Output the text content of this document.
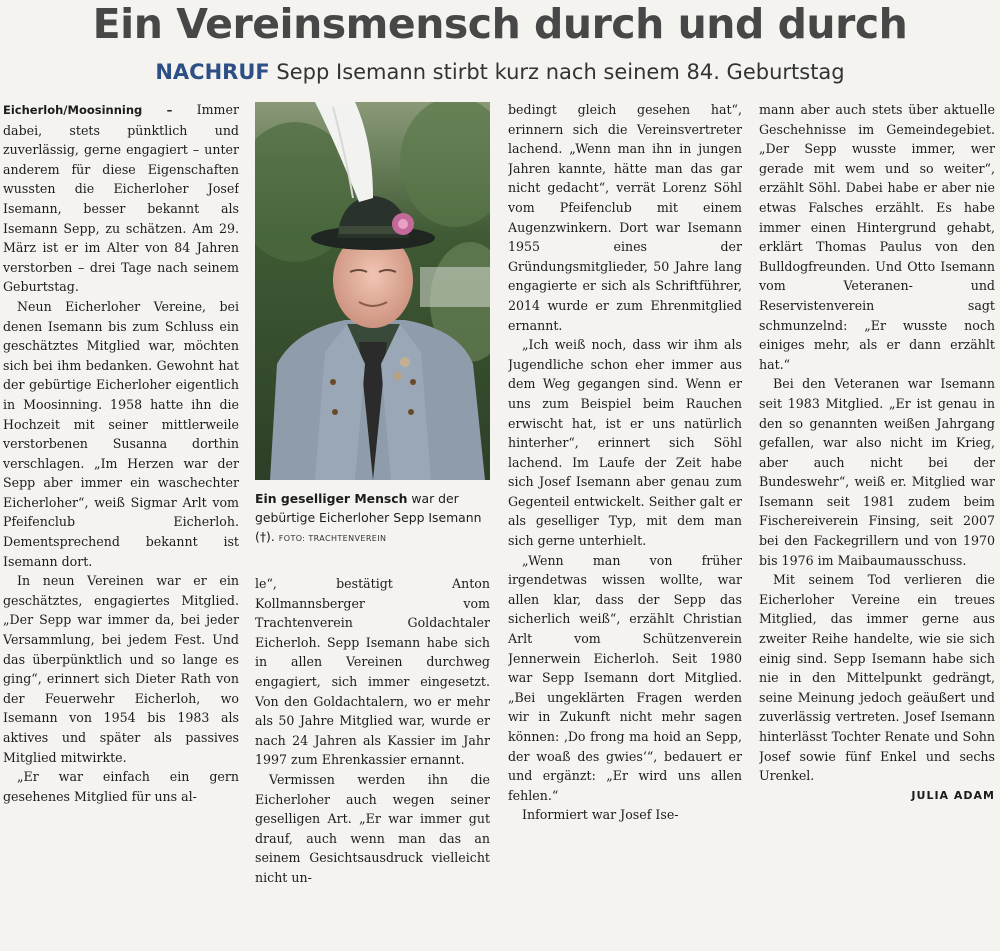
Ein Vereinsmensch durch und durch
NACHRUF Sepp Isemann stirbt kurz nach seinem 84. Geburtstag

Eicherloh/Moosinning – Immer dabei, stets pünktlich und zuverlässig, gerne engagiert – unter anderem für diese Eigenschaften wussten die Eicherloher Josef Isemann, besser bekannt als Isemann Sepp, zu schätzen. Am 29. März ist er im Alter von 84 Jahren verstorben – drei Tage nach seinem Geburtstag.

Neun Eicherloher Vereine, bei denen Isemann bis zum Schluss ein geschätztes Mitglied war, möchten sich bei ihm bedanken. Gewohnt hat der gebürtige Eicherloher eigentlich in Moosinning. 1958 hatte ihn die Hochzeit mit seiner mittlerweile verstorbenen Susanna dorthin verschlagen. „Im Herzen war der Sepp aber immer ein waschechter Eicherloher“, weiß Sigmar Arlt vom Pfeifenclub Eicherloh. Dementsprechend bekannt ist Isemann dort.

In neun Vereinen war er ein geschätztes, engagiertes Mitglied. „Der Sepp war immer da, bei jeder Versammlung, bei jedem Fest. Und das überpünktlich und so lange es ging“, erinnert sich Dieter Rath von der Feuerwehr Eicherloh, wo Isemann von 1954 bis 1983 als aktives und später als passives Mitglied mitwirkte.

„Er war einfach ein gern gesehenes Mitglied für uns al-

Ein geselliger Mensch war der gebürtige Eicherloher Sepp Isemann (†). FOTO: TRACHTENVEREIN

le“, bestätigt Anton Kollmannsberger vom Trachtenverein Goldachtaler Eicherloh. Sepp Isemann habe sich in allen Vereinen durchweg engagiert, sich immer eingesetzt. Von den Goldachtalern, wo er mehr als 50 Jahre Mitglied war, wurde er nach 24 Jahren als Kassier im Jahr 1997 zum Ehrenkassier ernannt.

Vermissen werden ihn die Eicherloher auch wegen seiner geselligen Art. „Er war immer gut drauf, auch wenn man das an seinem Gesichtsausdruck vielleicht nicht un-

bedingt gleich gesehen hat“, erinnern sich die Vereinsvertreter lachend. „Wenn man ihn in jungen Jahren kannte, hätte man das gar nicht gedacht“, verrät Lorenz Söhl vom Pfeifenclub mit einem Augenzwinkern. Dort war Isemann 1955 eines der Gründungsmitglieder, 50 Jahre lang engagierte er sich als Schriftführer, 2014 wurde er zum Ehrenmitglied ernannt.

„Ich weiß noch, dass wir ihm als Jugendliche schon eher immer aus dem Weg gegangen sind. Wenn er uns zum Beispiel beim Rauchen erwischt hat, ist er uns natürlich hinterher“, erinnert sich Söhl lachend. Im Laufe der Zeit habe sich Josef Isemann aber genau zum Gegenteil entwickelt. Seither galt er als geselliger Typ, mit dem man sich gerne unterhielt.

„Wenn man von früher irgendetwas wissen wollte, war allen klar, dass der Sepp das sicherlich weiß“, erzählt Christian Arlt vom Schützenverein Jennerwein Eicherloh. Seit 1980 war Sepp Isemann dort Mitglied. „Bei ungeklärten Fragen werden wir in Zukunft nicht mehr sagen können: ‚Do frong ma hoid an Sepp, der woaß des gwies‘“, bedauert er und ergänzt: „Er wird uns allen fehlen.“

Informiert war Josef Ise-

mann aber auch stets über aktuelle Geschehnisse im Gemeindegebiet. „Der Sepp wusste immer, wer gerade mit wem und so weiter“, erzählt Söhl. Dabei habe er aber nie etwas Falsches erzählt. Es habe immer einen Hintergrund gehabt, erklärt Thomas Paulus von den Bulldogfreunden. Und Otto Isemann vom Veteranen- und Reservistenverein sagt schmunzelnd: „Er wusste noch einiges mehr, als er dann erzählt hat.“

Bei den Veteranen war Isemann seit 1983 Mitglied. „Er ist genau in den so genannten weißen Jahrgang gefallen, war also nicht im Krieg, aber auch nicht bei der Bundeswehr“, weiß er. Mitglied war Isemann seit 1981 zudem beim Fischereiverein Finsing, seit 2007 bei den Fackegrillern und von 1970 bis 1976 im Maibaumausschuss.

Mit seinem Tod verlieren die Eicherloher Vereine ein treues Mitglied, das immer gerne aus zweiter Reihe handelte, wie sie sich einig sind. Sepp Isemann habe sich nie in den Mittelpunkt gedrängt, seine Meinung jedoch geäußert und zuverlässig vertreten. Josef Isemann hinterlässt Tochter Renate und Sohn Josef sowie fünf Enkel und sechs Urenkel.

JULIA ADAM
